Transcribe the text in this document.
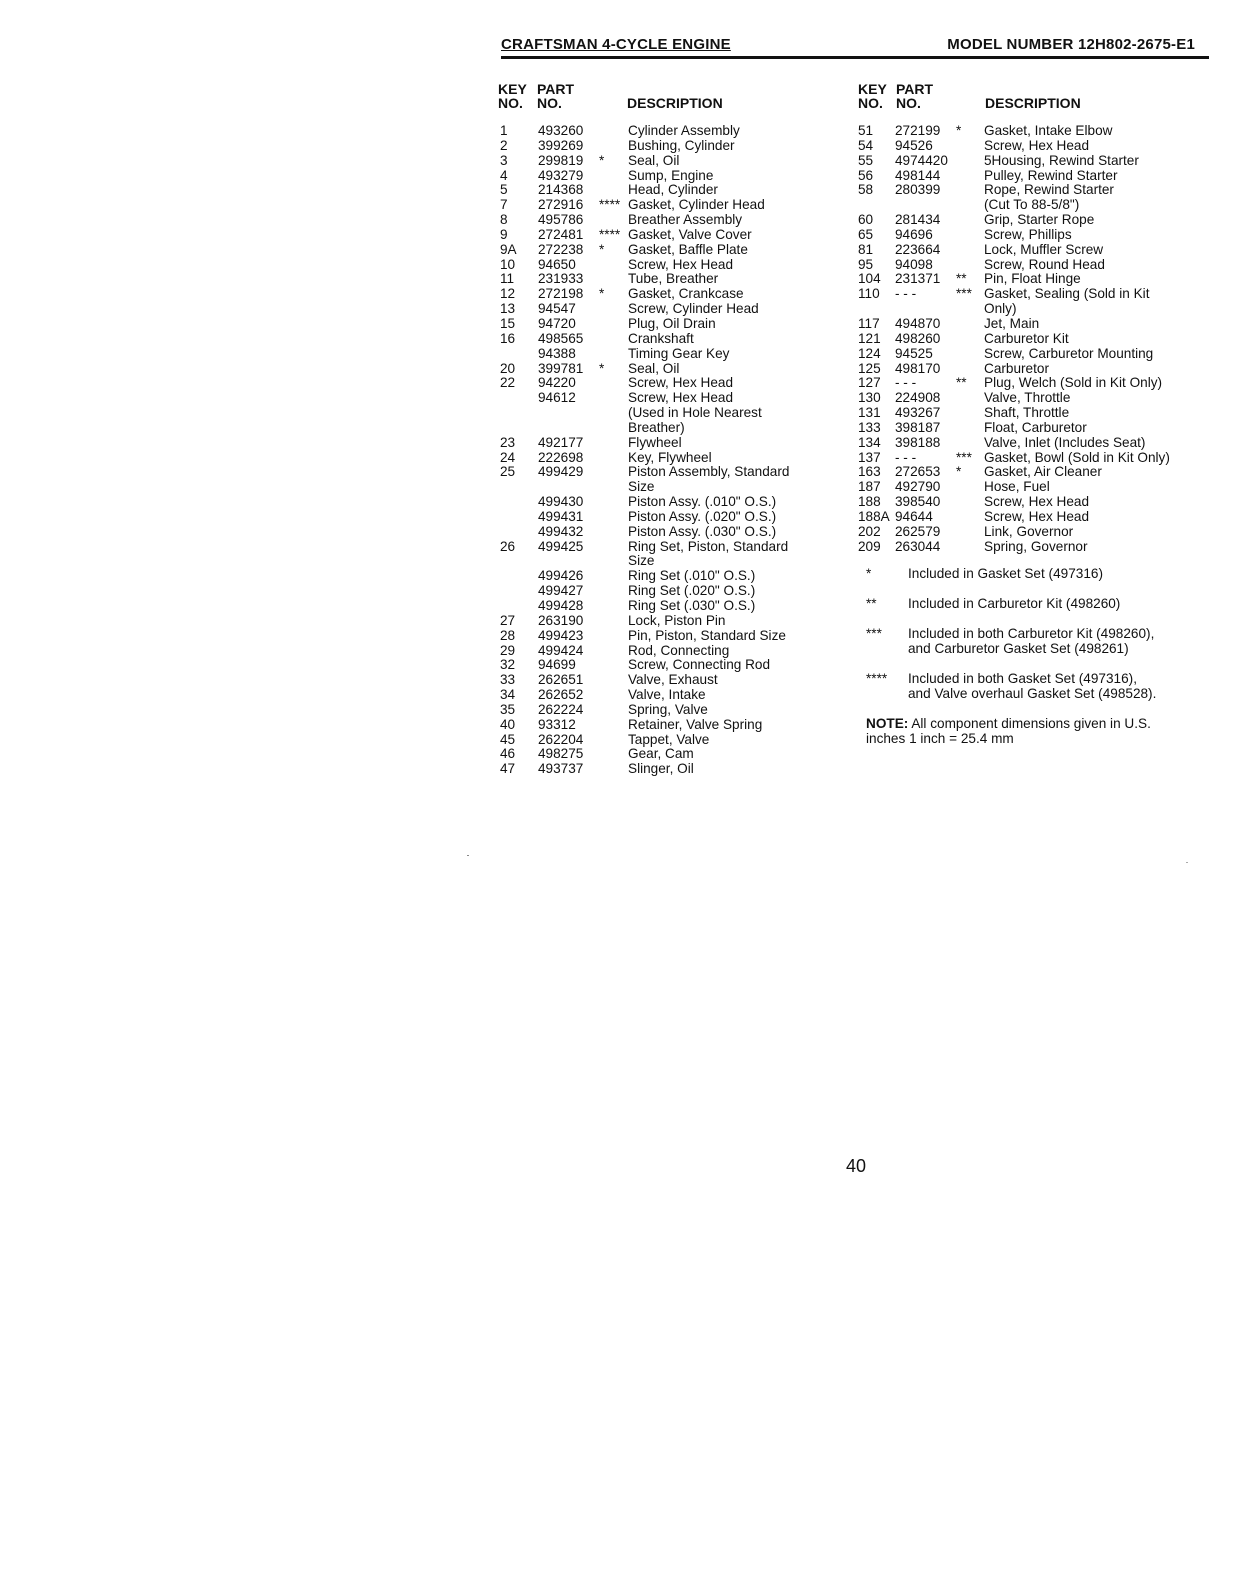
CRAFTSMAN 4-CYCLE ENGINE	MODEL NUMBER 12H802-2675-E1
KEY
NO.
PART
NO.	DESCRIPTION
KEY
NO.
PART
NO.	DESCRIPTION
1 493260	Cylinder Assembly
2 399269	Bushing, Cylinder
3 299819 * Seal, Oil
4 493279	Sump, Engine
5 214368	Head, Cylinder
7 272916 **** Gasket, Cylinder Head
8 495786	Breather Assembly
9 272481 **** Gasket, Valve Cover
9A 272238 * Gasket, Baffle Plate
10 94650	Screw, Hex Head
11 231933	Tube, Breather
12 272198 * Gasket, Crankcase
13 94547	Screw, Cylinder Head
15 94720	Plug, Oil Drain
16 498565	Crankshaft
94388	Timing Gear Key
20 399781 * Seal, Oil
22 94220	Screw, Hex Head
94612	Screw, Hex Head
(Used in Hole Nearest
Breather)
23 492177	Flywheel
24 222698	Key, Flywheel
25 499429	Piston Assembly, Standard
Size
499430	Piston Assy. (.010" O.S.)
499431	Piston Assy. (.020" O.S.)
499432	Piston Assy. (.030" O.S.)
26 499425	Ring Set, Piston, Standard
Size
499426	Ring Set (.010" O.S.)
499427	Ring Set (.020" O.S.)
499428	Ring Set (.030" O.S.)
27 263190	Lock, Piston Pin
28 499423	Pin, Piston, Standard Size
29 499424	Rod, Connecting
32 94699	Screw, Connecting Rod
33 262651	Valve, Exhaust
34 262652	Valve, Intake
35 262224	Spring, Valve
40 93312	Retainer, Valve Spring
45 262204	Tappet, Valve
46 498275	Gear, Cam
47 493737	Slinger, Oil
51 272199 * Gasket, Intake Elbow
54 94526	Screw, Hex Head
55 4974420	5Housing, Rewind Starter
56 498144	Pulley, Rewind Starter
58 280399	Rope, Rewind Starter
(Cut To 88-5/8")
60 281434	Grip, Starter Rope
65 94696	Screw, Phillips
81 223664	Lock, Muffler Screw
95 94098	Screw, Round Head
104 231371 ** Pin, Float Hinge
110 - - -	*** Gasket, Sealing (Sold in Kit
Only)
117 494870	Jet, Main
121 498260	Carburetor Kit
124 94525	Screw, Carburetor Mounting
125 498170	Carburetor
127 - - -	** Plug, Welch (Sold in Kit Only)
130 224908	Valve, Throttle
131 493267	Shaft, Throttle
133 398187	Float, Carburetor
134 398188	Valve, Inlet (Includes Seat)
137 - - -	*** Gasket, Bowl (Sold in Kit Only)
163 272653 * Gasket, Air Cleaner
187 492790	Hose, Fuel
188 398540	Screw, Hex Head
188A 94644	Screw, Hex Head
202 262579	Link, Governor
209 263044	Spring, Governor
*	Included in Gasket Set (497316)
** Included in Carburetor Kit (498260)
*** Included in both Carburetor Kit (498260),
and Carburetor Gasket Set (498261)
**** Included in both Gasket Set (497316),
and Valve overhaul Gasket Set (498528).
NOTE: All component dimensions given in U.S.
inches 1 inch = 25.4 mm
40
